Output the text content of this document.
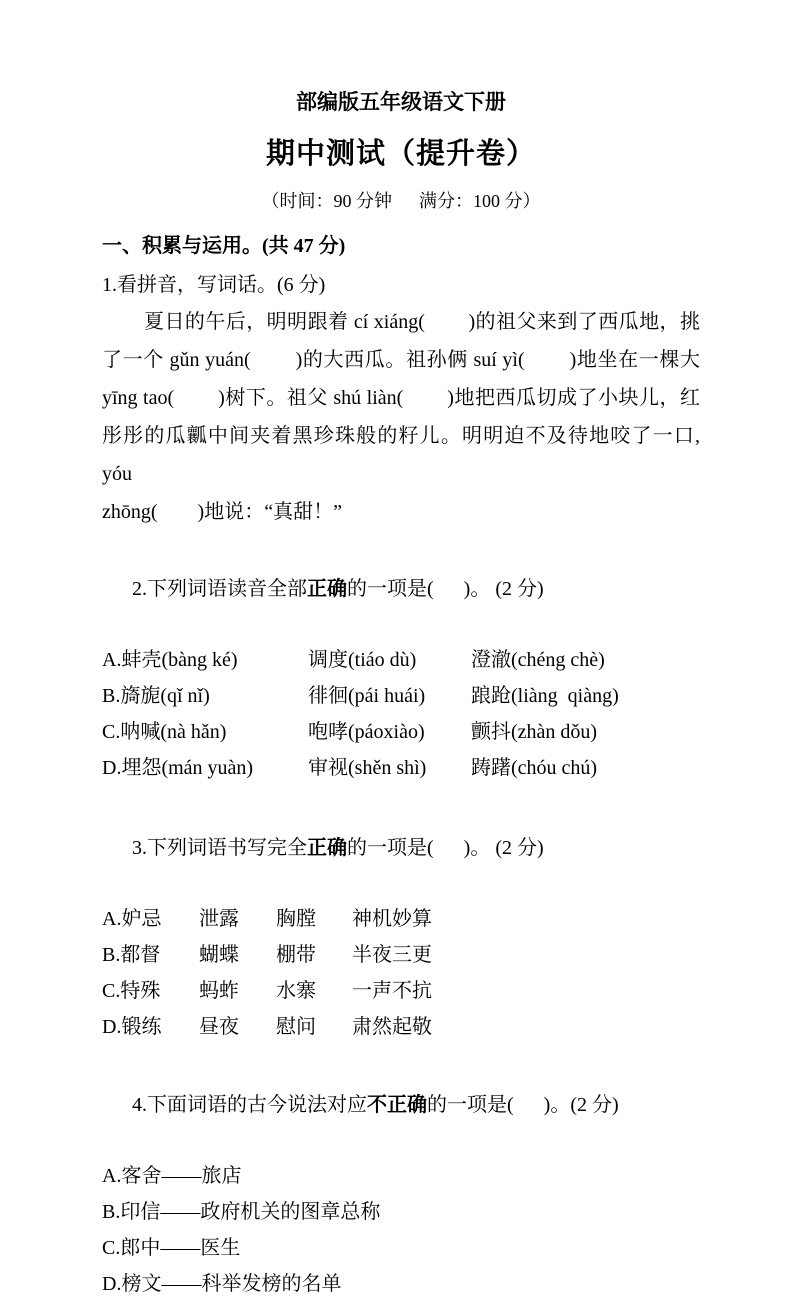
部编版五年级语文下册
期中测试（提升卷）
（时间：90 分钟      满分：100 分）
一、积累与运用。(共 47 分)
1.看拼音，写词话。(6 分)
夏日的午后，明明跟着 cí xiáng(        )的祖父来到了西瓜地，挑
了一个 gǔn yuán(        )的大西瓜。祖孙俩 suí yì(        )地坐在一棵大
yīng tao(        )树下。祖父 shú liàn(        )地把西瓜切成了小块儿，红
彤彤的瓜瓤中间夹着黑珍珠般的籽儿。明明迫不及待地咬了一口, yóu
zhōng(        )地说：“真甜！”

2.下列词语读音全部正确的一项是(      )。 (2 分)

A.蚌壳(bàng ké)	调度(tiáo dù)	澄澈(chéng chè)
B.旖旎(qǐ nǐ)	徘徊(pái huái)	踉跄(liàng  qiàng)
C.呐喊(nà hǎn)	咆哮(páoxiào)	颤抖(zhàn dǒu)
D.埋怨(mán yuàn)	审视(shěn shì)	踌躇(chóu chú)

3.下列词语书写完全正确的一项是(      )。 (2 分)

A.妒忌	泄露	胸膛	神机妙算
B.都督	蝴蝶	棚带	半夜三更
C.特殊	蚂蚱	水寨	一声不抗
D.锻练	昼夜	慰问	肃然起敬

4.下面词语的古今说法对应不正确的一项是(      )。(2 分)

A.客舍——旅店
B.印信——政府机关的图章总称
C.郎中——医生
D.榜文——科举发榜的名单
